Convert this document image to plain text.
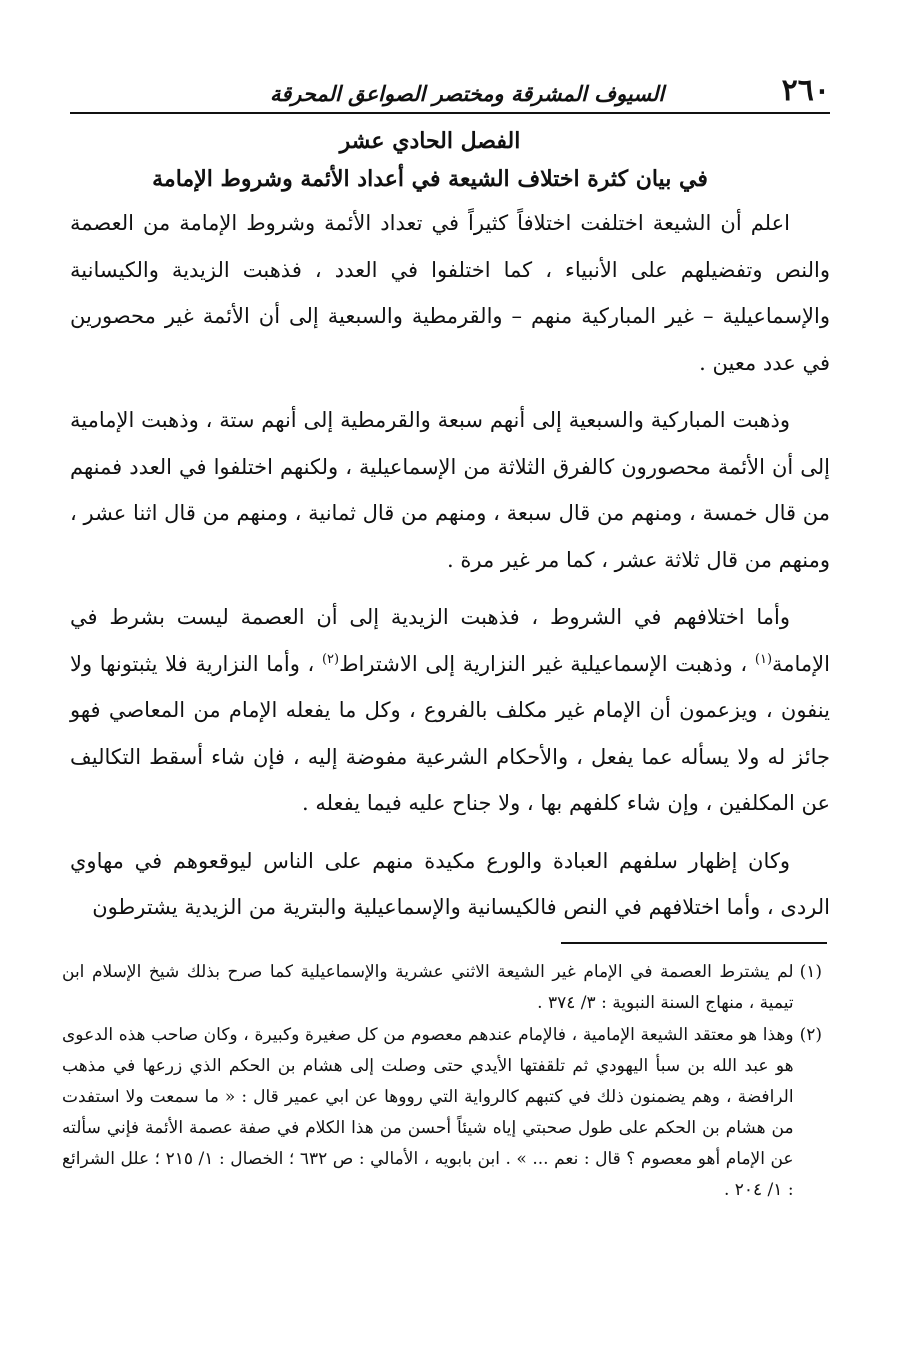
٢٦٠
السيوف المشرقة ومختصر الصواعق المحرقة
الفصل الحادي عشر
في بيان كثرة اختلاف الشيعة في أعداد الأئمة وشروط الإمامة

اعلم أن الشيعة اختلفت اختلافاً كثيراً في تعداد الأئمة وشروط الإمامة من العصمة والنص وتفضيلهم على الأنبياء ، كما اختلفوا في العدد ، فذهبت الزيدية والكيسانية والإسماعيلية – غير المباركية منهم – والقرمطية والسبعية إلى أن الأئمة غير محصورين في عدد معين .

وذهبت المباركية والسبعية إلى أنهم سبعة والقرمطية إلى أنهم ستة ، وذهبت الإمامية إلى أن الأئمة محصورون كالفرق الثلاثة من الإسماعيلية ، ولكنهم اختلفوا في العدد فمنهم من قال خمسة ، ومنهم من قال سبعة ، ومنهم من قال ثمانية ، ومنهم من قال اثنا عشر ، ومنهم من قال ثلاثة عشر ، كما مر غير مرة .

وأما اختلافهم في الشروط ، فذهبت الزيدية إلى أن العصمة ليست بشرط في الإمامة$^{(١)}$ ، وذهبت الإسماعيلية غير النزارية إلى الاشتراط$^{(٢)}$ ، وأما النزارية فلا يثبتونها ولا ينفون ، ويزعمون أن الإمام غير مكلف بالفروع ، وكل ما يفعله الإمام من المعاصي فهو جائز له ولا يسأله عما يفعل ، والأحكام الشرعية مفوضة إليه ، فإن شاء أسقط التكاليف عن المكلفين ، وإن شاء كلفهم بها ، ولا جناح عليه فيما يفعله .

وكان إظهار سلفهم العبادة والورع مكيدة منهم على الناس ليوقعوهم في مهاوي الردى ، وأما اختلافهم في النص فالكيسانية والإسماعيلية والبترية من الزيدية يشترطون

(١)
لم يشترط العصمة في الإمام غير الشيعة الاثني عشرية والإسماعيلية كما صرح بذلك شيخ الإسلام ابن تيمية ، منهاج السنة النبوية : ٣/ ٣٧٤ .
(٢)
وهذا هو معتقد الشيعة الإمامية ، فالإمام عندهم معصوم من كل صغيرة وكبيرة ، وكان صاحب هذه الدعوى هو عبد الله بن سبأ اليهودي ثم تلقفتها الأيدي حتى وصلت إلى هشام بن الحكم الذي زرعها في مذهب الرافضة ، وهم يضمنون ذلك في كتبهم كالرواية التي رووها عن ابي عمير قال : « ما سمعت ولا استفدت من هشام بن الحكم على طول صحبتي إياه شيئاً أحسن من هذا الكلام في صفة عصمة الأئمة فإني سألته عن الإمام أهو معصوم ؟ قال : نعم ... » . ابن بابويه ، الأمالي : ص ٦٣٢ ؛ الخصال : ١/ ٢١٥ ؛ علل الشرائع : ١/ ٢٠٤ .
